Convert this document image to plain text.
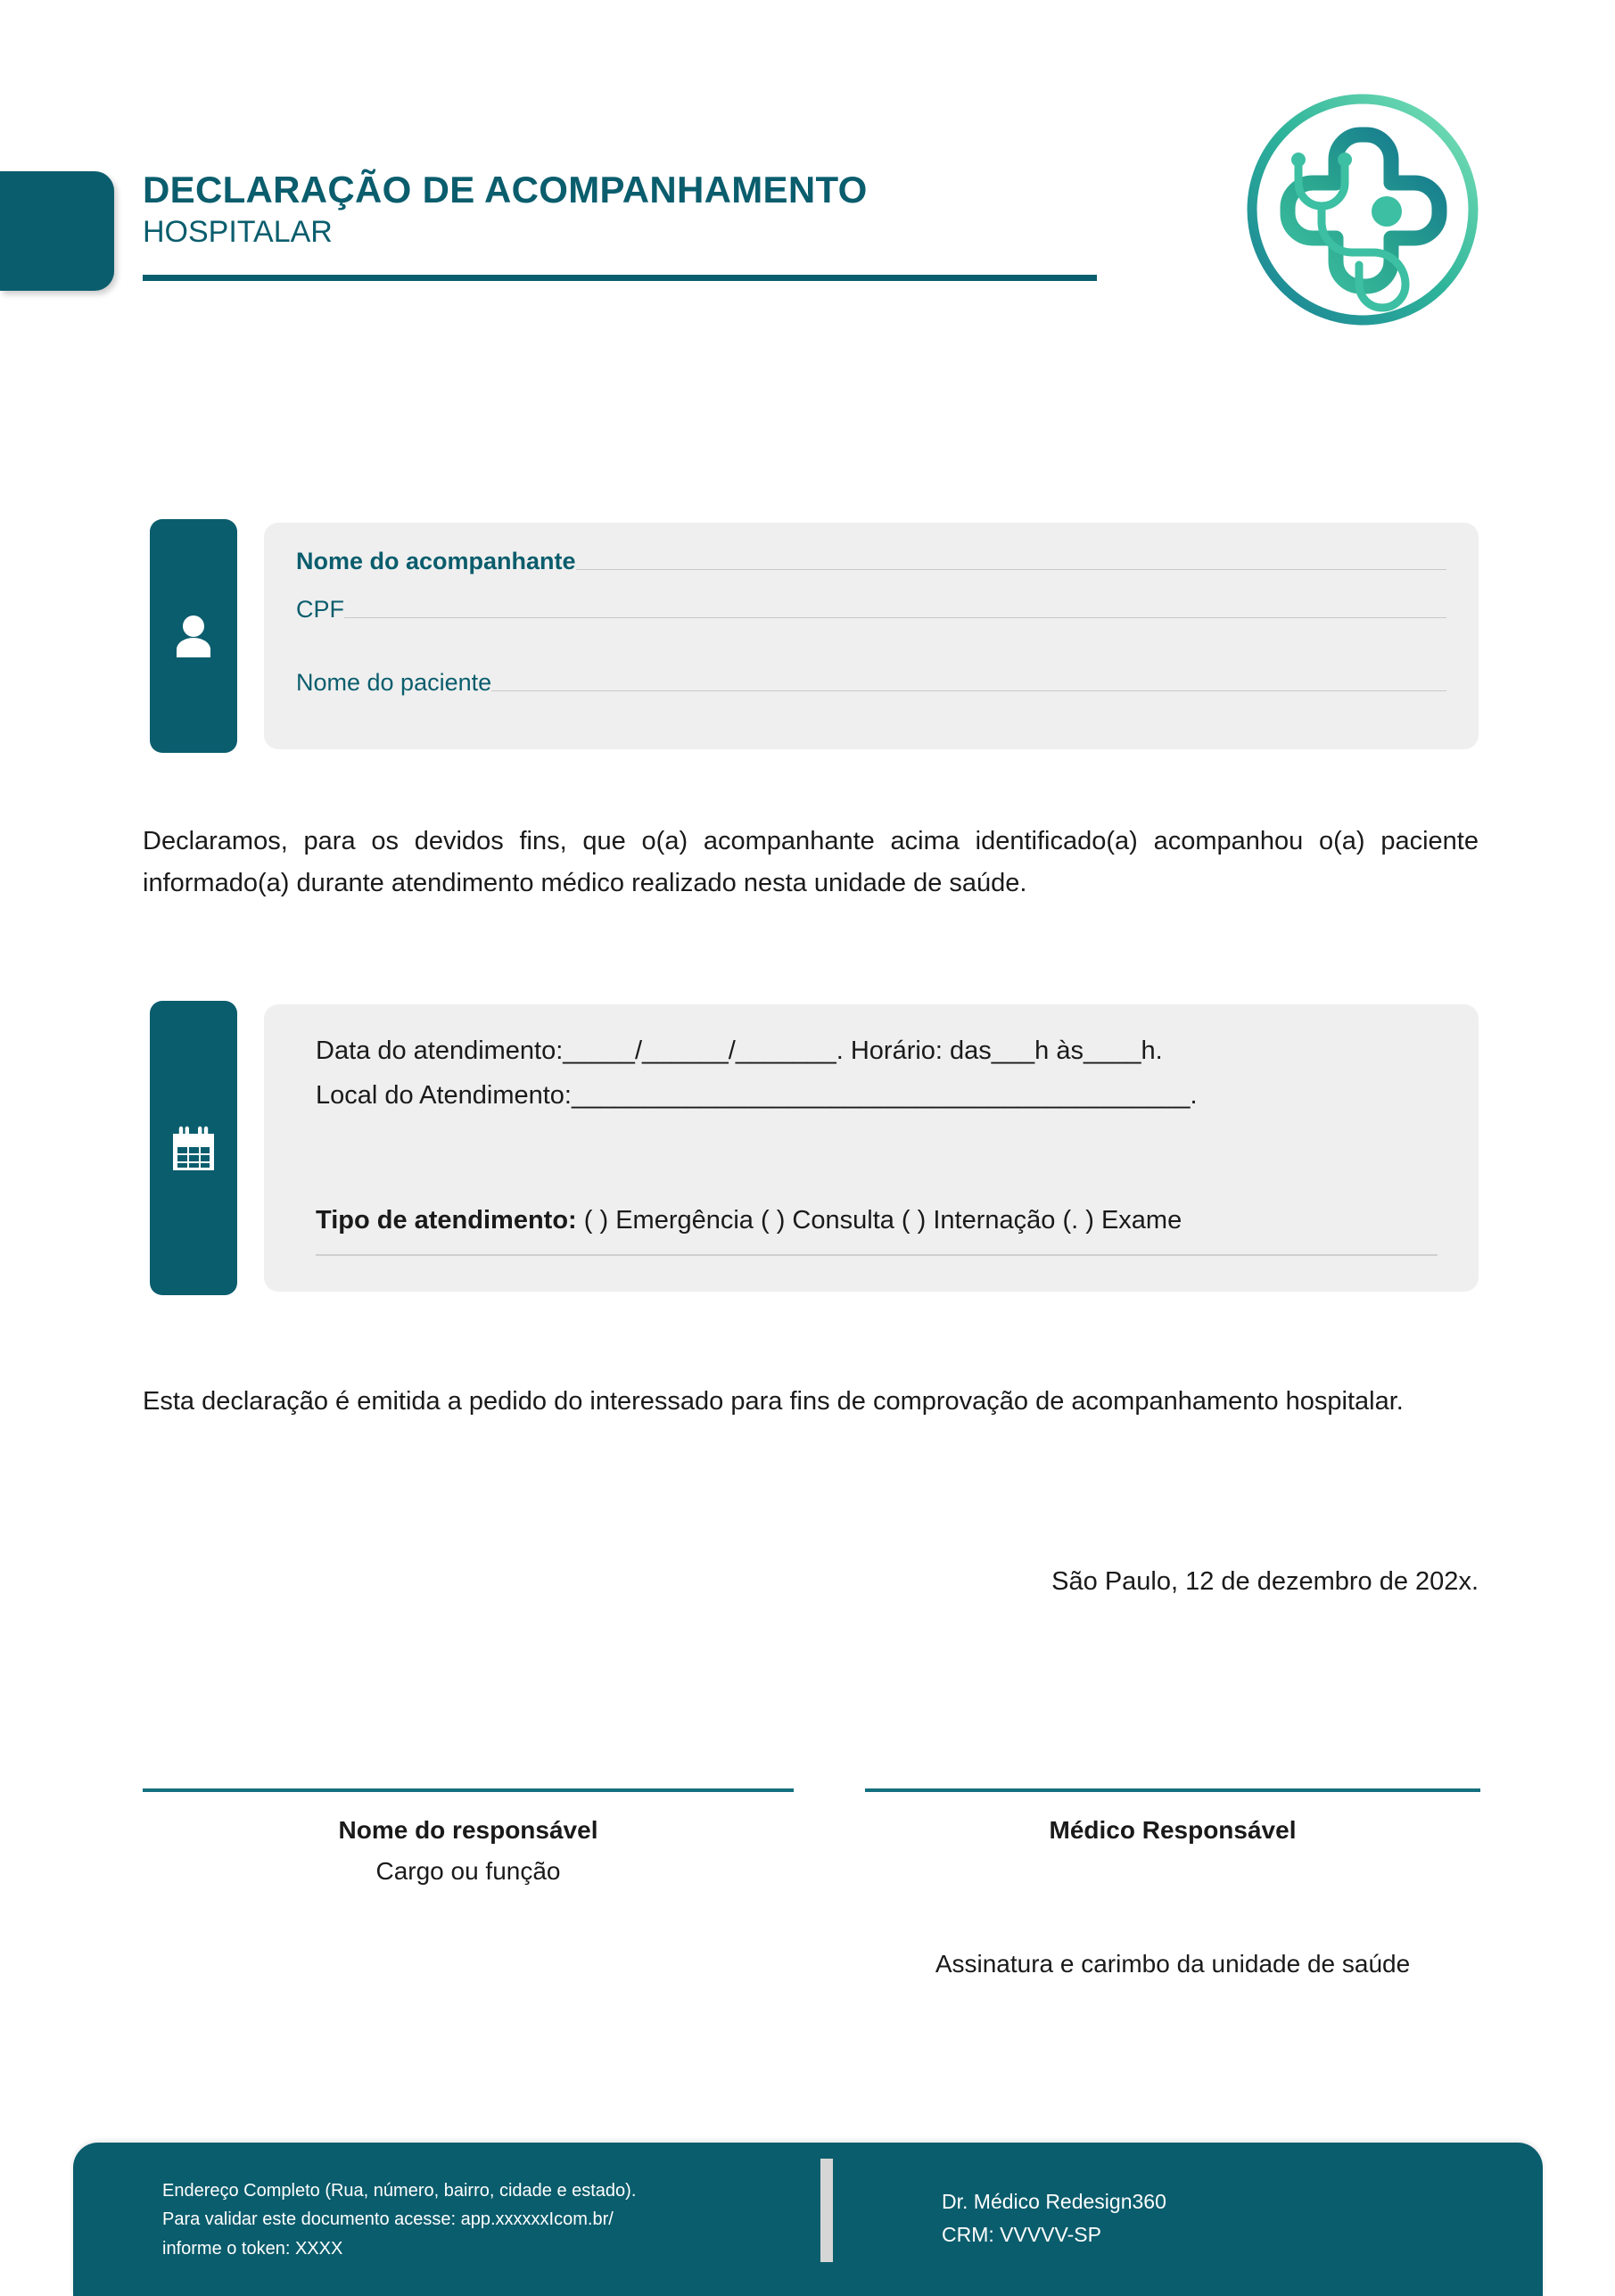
DECLARAÇÃO DE ACOMPANHAMENTO
HOSPITALAR
Nome do acompanhante
CPF
Nome do paciente
Declaramos, para os devidos fins, que o(a) acompanhante acima identificado(a) acompanhou o(a) paciente informado(a) durante atendimento médico realizado nesta unidade de saúde.
Data do atendimento:_____/______/_______. Horário: das___h às____h.
Local do Atendimento:___________________________________________.
Tipo de atendimento: ( ) Emergência ( ) Consulta ( ) Internação (. ) Exame
Esta declaração é emitida a pedido do interessado para fins de comprovação de acompanhamento hospitalar.
São Paulo, 12 de dezembro de 202x.
Nome do responsável
Cargo ou função
Médico Responsável
Assinatura e carimbo da unidade de saúde
Endereço Completo (Rua, número, bairro, cidade e estado).
Para validar este documento acesse: app.xxxxxxIcom.br/
informe o token: XXXX
Dr. Médico Redesign360
CRM: VVVVV-SP
